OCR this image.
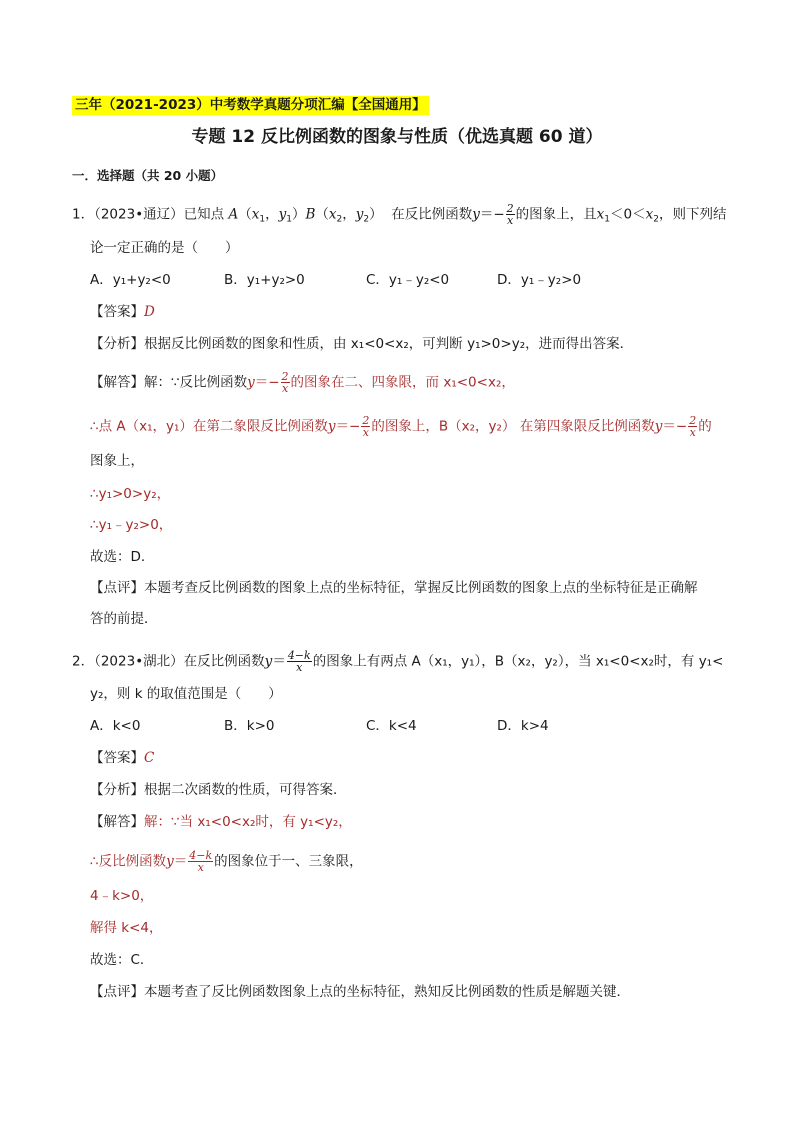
三年（2021-2023）中考数学真题分项汇编【全国通用】
专题 12 反比例函数的图象与性质（优选真题 60 道）
一．选择题（共 20 小题）
1．（2023•通辽）已知点 $A(x_1$，$y_1)B(x_2$，$y_2$）  在反比例函数$y=- \frac{2}{x}$ 的图象上，且$x_1<0<x_2$，则下列结
论一定正确的是（　　）
A．y₁+y₂<0	B．y₁+y₂>0	C．y₁﹣y₂<0	D．y₁﹣y₂>0
【答案】D
【分析】根据反比例函数的图象和性质，由 x₁<0<x₂，可判断 y₁>0>y₂，进而得出答案．
【解答】解：∵反比例函数$y=- \frac{2}{x}$ 的图象在二、四象限，而 x₁<0<x₂，
∴点 A（x₁，y₁）在第二象限反比例函数$y=- \frac{2}{x}$ 的图象上，B（x₂，y₂） 在第四象限反比例函数$y=- \frac{2}{x}$ 的
图象上，
∴y₁>0>y₂，
∴y₁﹣y₂>0，
故选：D．
【点评】本题考查反比例函数的图象上点的坐标特征，掌握反比例函数的图象上点的坐标特征是正确解
答的前提．
2．（2023•湖北）在反比例函数$y= \frac{4-k}{x}$ 的图象上有两点 A（x₁，y₁），B（x₂，y₂），当 x₁<0<x₂时，有 y₁<
y₂，则 k 的取值范围是（　　）
A．k<0	B．k>0	C．k<4	D．k>4
【答案】C
【分析】根据二次函数的性质，可得答案．
【解答】解：∵当 x₁<0<x₂时，有 y₁<y₂，
∴反比例函数$y= \frac{4-k}{x}$ 的图象位于一、三象限，
4﹣k>0，
解得 k<4，
故选：C．
【点评】本题考查了反比例函数图象上点的坐标特征，熟知反比例函数的性质是解题关键．
